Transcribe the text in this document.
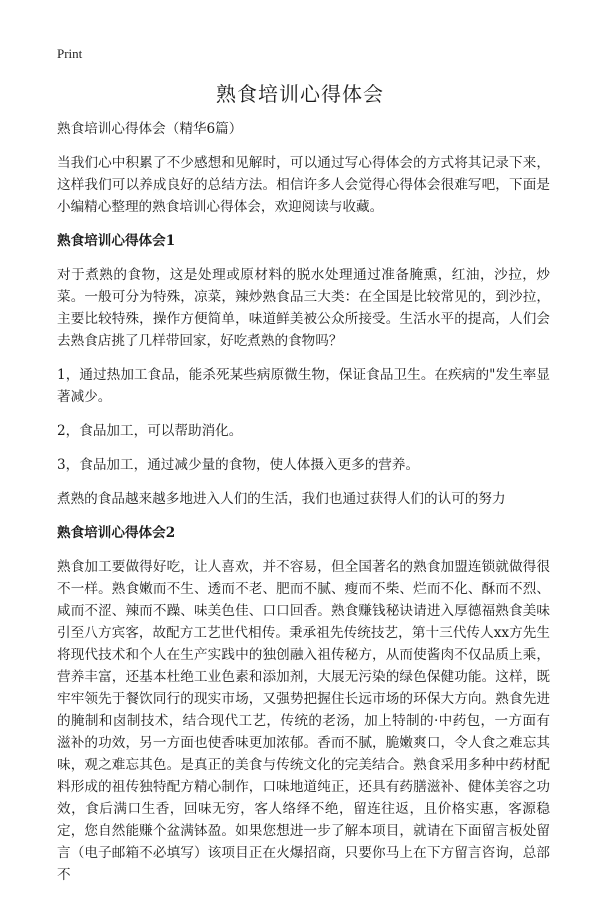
Print
熟食培训心得体会

熟食培训心得体会（精华6篇）

当我们心中积累了不少感想和见解时，可以通过写心得体会的方式将其记录下来，这样我们可以养成良好的总结方法。相信许多人会觉得心得体会很难写吧，下面是小编精心整理的熟食培训心得体会，欢迎阅读与收藏。

熟食培训心得体会1

对于煮熟的食物，这是处理或原材料的脱水处理通过准备腌熏，红油，沙拉，炒菜。一般可分为特殊，凉菜，辣炒熟食品三大类：在全国是比较常见的，到沙拉，主要比较特殊，操作方便简单，味道鲜美被公众所接受。生活水平的提高，人们会去熟食店挑了几样带回家，好吃煮熟的食物吗？

1，通过热加工食品，能杀死某些病原微生物，保证食品卫生。在疾病的"发生率显著减少。

2，食品加工，可以帮助消化。

3，食品加工，通过减少量的食物，使人体摄入更多的营养。

煮熟的食品越来越多地进入人们的生活，我们也通过获得人们的认可的努力

熟食培训心得体会2

熟食加工要做得好吃，让人喜欢，并不容易，但全国著名的熟食加盟连锁就做得很不一样。熟食嫩而不生、透而不老、肥而不腻、瘦而不柴、烂而不化、酥而不烈、咸而不涩、辣而不躁、味美色佳、口口回香。熟食赚钱秘诀请进入厚德福熟食美味引至八方宾客，故配方工艺世代相传。秉承祖先传统技艺，第十三代传人xx方先生将现代技术和个人在生产实践中的独创融入祖传秘方，从而使酱肉不仅品质上乘，营养丰富，还基本杜绝工业色素和添加剂，大展无污染的绿色保健功能。这样，既牢牢领先于餐饮同行的现实市场，又强势把握住长远市场的环保大方向。熟食先进的腌制和卤制技术，结合现代工艺，传统的老汤，加上特制的·中药包，一方面有滋补的功效，另一方面也使香味更加浓郁。香而不腻，脆嫩爽口，令人食之难忘其味，观之难忘其色。是真正的美食与传统文化的完美结合。熟食采用多种中药材配料形成的祖传独特配方精心制作，口味地道纯正，还具有药膳滋补、健体美容之功效，食后满口生香，回味无穷，客人络绎不绝，留连往返，且价格实惠，客源稳定，您自然能赚个盆满钵盈。如果您想进一步了解本项目，就请在下面留言板处留言（电子邮箱不必填写）该项目正在火爆招商，只要你马上在下方留言咨询，总部不
